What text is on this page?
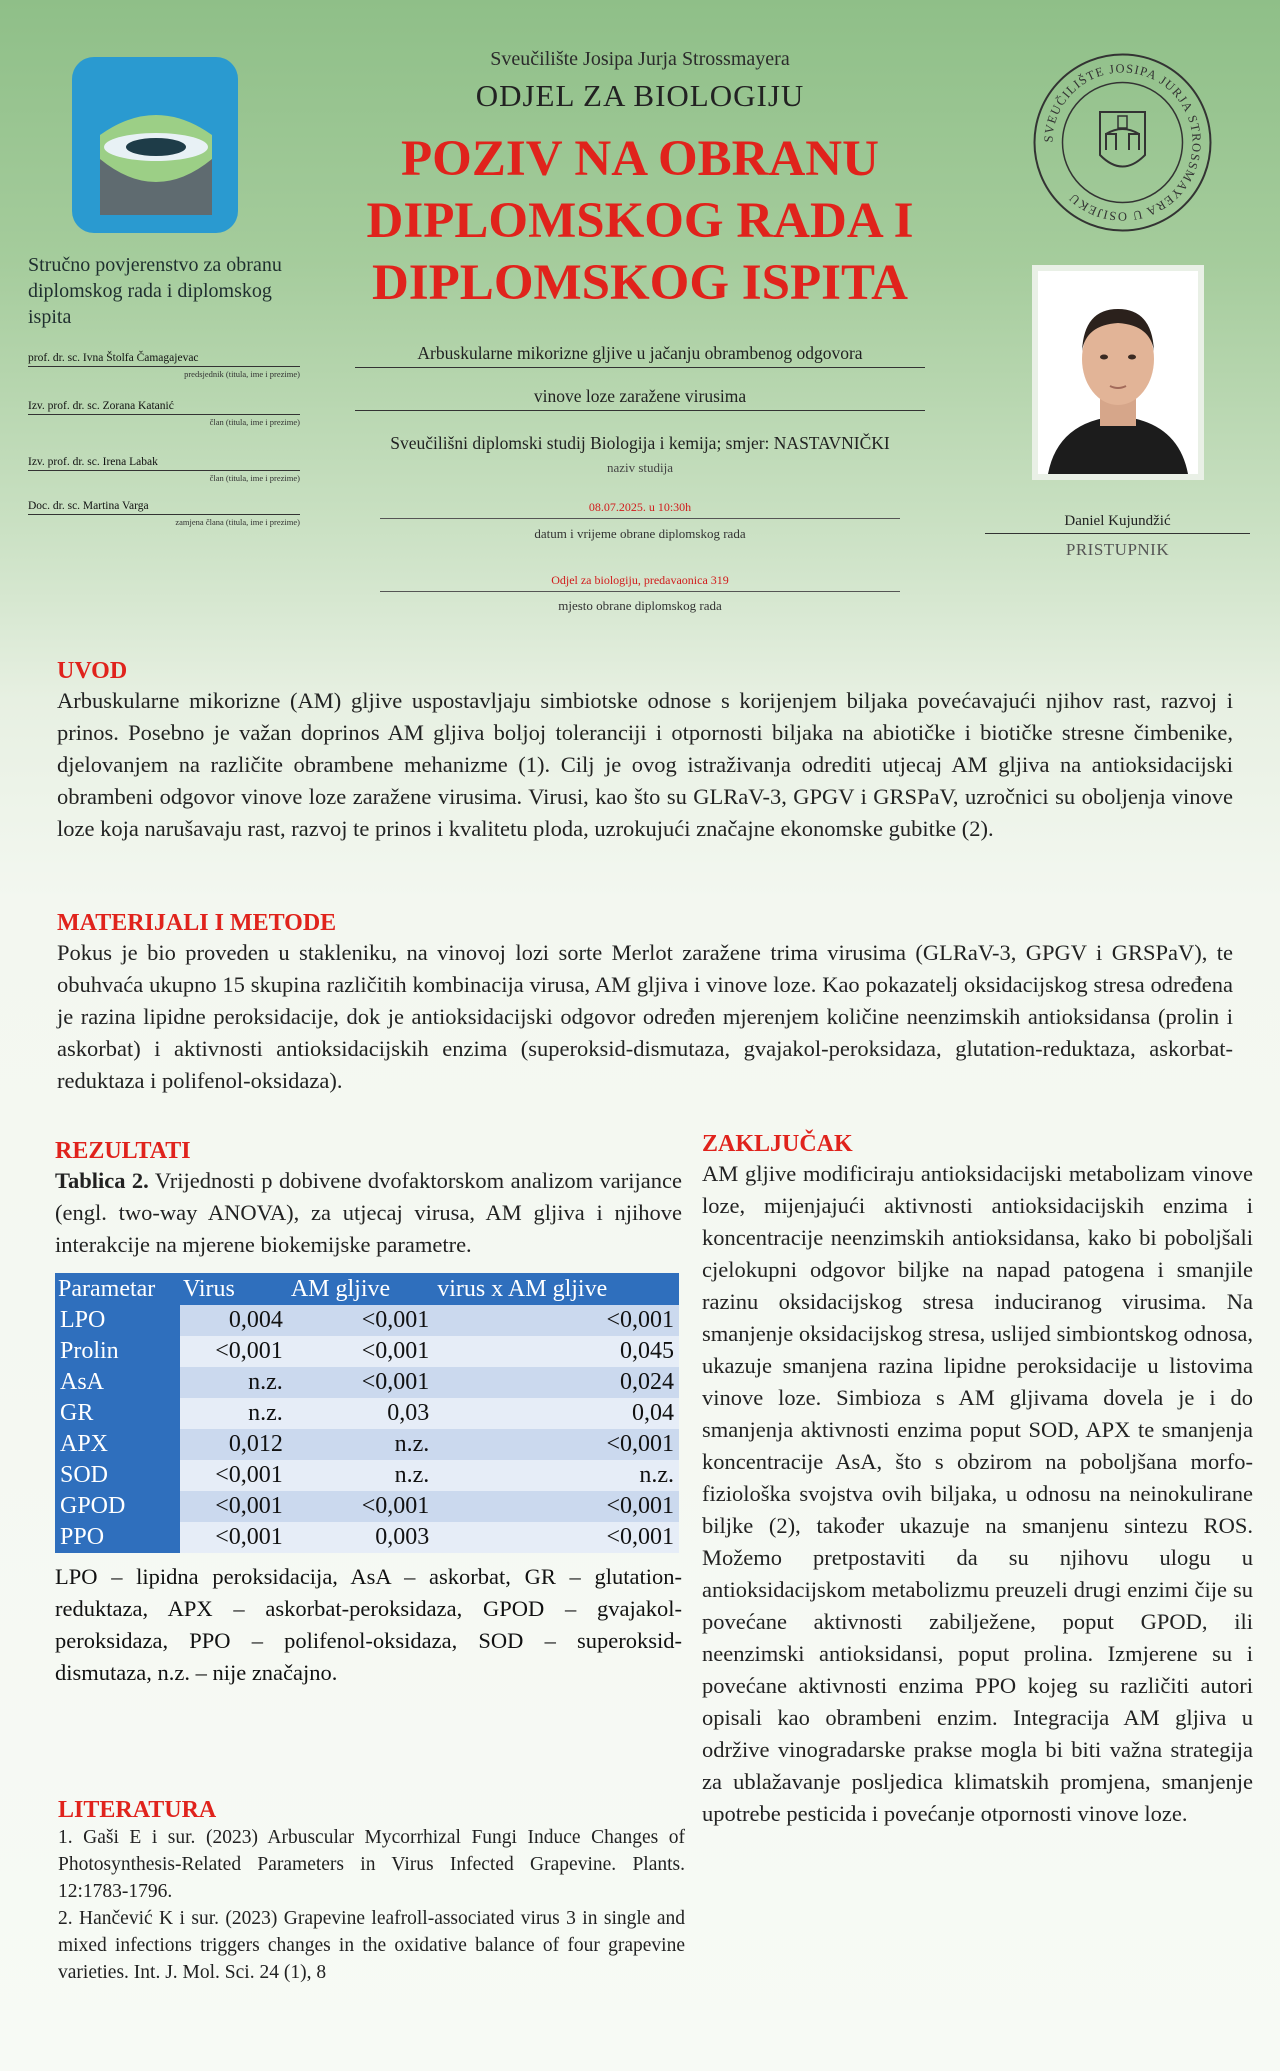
Stručno povjerenstvo za obranu diplomskog rada i diplomskog ispita
prof. dr. sc. Ivna Štolfa Čamagajevac
predsjednik (titula, ime i prezime)
Izv. prof. dr. sc. Zorana Katanić
član (titula, ime i prezime)
Izv. prof. dr. sc. Irena Labak
član (titula, ime i prezime)
Doc. dr. sc. Martina Varga
zamjena člana (titula, ime i prezime)
Sveučilište Josipa Jurja Strossmayera
ODJEL ZA BIOLOGIJU
POZIV NA OBRANU
DIPLOMSKOG RADA I
DIPLOMSKOG ISPITA
Arbuskularne mikorizne gljive u jačanju obrambenog odgovora
vinove loze zaražene virusima
Sveučilišni diplomski studij Biologija i kemija; smjer: NASTAVNIČKI
naziv studija
08.07.2025. u 10:30h
datum i vrijeme obrane diplomskog rada
Odjel za biologiju, predavaonica 319
mjesto obrane diplomskog rada
SVEUČILIŠTE JOSIPA JURJA STROSSMAYERA U OSIJEKU
Daniel Kujundžić
PRISTUPNIK
UVOD
Arbuskularne mikorizne (AM) gljive uspostavljaju simbiotske odnose s korijenjem biljaka povećavajući njihov rast, razvoj i prinos. Posebno je važan doprinos AM gljiva boljoj toleranciji i otpornosti biljaka na abiotičke i biotičke stresne čimbenike, djelovanjem na različite obrambene mehanizme (1). Cilj je ovog istraživanja odrediti utjecaj AM gljiva na antioksidacijski obrambeni odgovor vinove loze zaražene virusima. Virusi, kao što su GLRaV-3, GPGV i GRSPaV, uzročnici su oboljenja vinove loze koja narušavaju rast, razvoj te prinos i kvalitetu ploda, uzrokujući značajne ekonomske gubitke (2).
MATERIJALI I METODE
Pokus je bio proveden u stakleniku, na vinovoj lozi sorte Merlot zaražene trima virusima (GLRaV-3, GPGV i GRSPaV), te obuhvaća ukupno 15 skupina različitih kombinacija virusa, AM gljiva i vinove loze. Kao pokazatelj oksidacijskog stresa određena je razina lipidne peroksidacije, dok je antioksidacijski odgovor određen mjerenjem količine neenzimskih antioksidansa (prolin i askorbat) i aktivnosti antioksidacijskih enzima (superoksid-dismutaza, gvajakol-peroksidaza, glutation-reduktaza, askorbat-reduktaza i polifenol-oksidaza).
REZULTATI
Tablica 2. Vrijednosti p dobivene dvofaktorskom analizom varijance (engl. two-way ANOVA), za utjecaj virusa, AM gljiva i njihove interakcije na mjerene biokemijske parametre.
Parametar	Virus	AM gljive	virus x AM gljive
LPO	0,004	<0,001	<0,001
Prolin	<0,001	<0,001	0,045
AsA	n.z.	<0,001	0,024
GR	n.z.	0,03	0,04
APX	0,012	n.z.	<0,001
SOD	<0,001	n.z.	n.z.
GPOD	<0,001	<0,001	<0,001
PPO	<0,001	0,003	<0,001
LPO – lipidna peroksidacija, AsA – askorbat, GR – glutation-reduktaza, APX – askorbat-peroksidaza, GPOD – gvajakol-peroksidaza, PPO – polifenol-oksidaza, SOD – superoksid-dismutaza, n.z. – nije značajno.
ZAKLJUČAK
AM gljive modificiraju antioksidacijski metabolizam vinove loze, mijenjajući aktivnosti antioksidacijskih enzima i koncentracije neenzimskih antioksidansa, kako bi poboljšali cjelokupni odgovor biljke na napad patogena i smanjile razinu oksidacijskog stresa induciranog virusima. Na smanjenje oksidacijskog stresa, uslijed simbiontskog odnosa, ukazuje smanjena razina lipidne peroksidacije u listovima vinove loze. Simbioza s AM gljivama dovela je i do smanjenja aktivnosti enzima poput SOD, APX te smanjenja koncentracije AsA, što s obzirom na poboljšana morfo-fiziološka svojstva ovih biljaka, u odnosu na neinokulirane biljke (2), također ukazuje na smanjenu sintezu ROS. Možemo pretpostaviti da su njihovu ulogu u antioksidacijskom metabolizmu preuzeli drugi enzimi čije su povećane aktivnosti zabilježene, poput GPOD, ili neenzimski antioksidansi, poput prolina. Izmjerene su i povećane aktivnosti enzima PPO kojeg su različiti autori opisali kao obrambeni enzim. Integracija AM gljiva u održive vinogradarske prakse mogla bi biti važna strategija za ublažavanje posljedica klimatskih promjena, smanjenje upotrebe pesticida i povećanje otpornosti vinove loze.
LITERATURA
1. Gaši E i sur. (2023) Arbuscular Mycorrhizal Fungi Induce Changes of Photosynthesis-Related Parameters in Virus Infected Grapevine. Plants. 12:1783-1796.
2. Hančević K i sur. (2023) Grapevine leafroll-associated virus 3 in single and mixed infections triggers changes in the oxidative balance of four grapevine varieties. Int. J. Mol. Sci. 24 (1), 8
